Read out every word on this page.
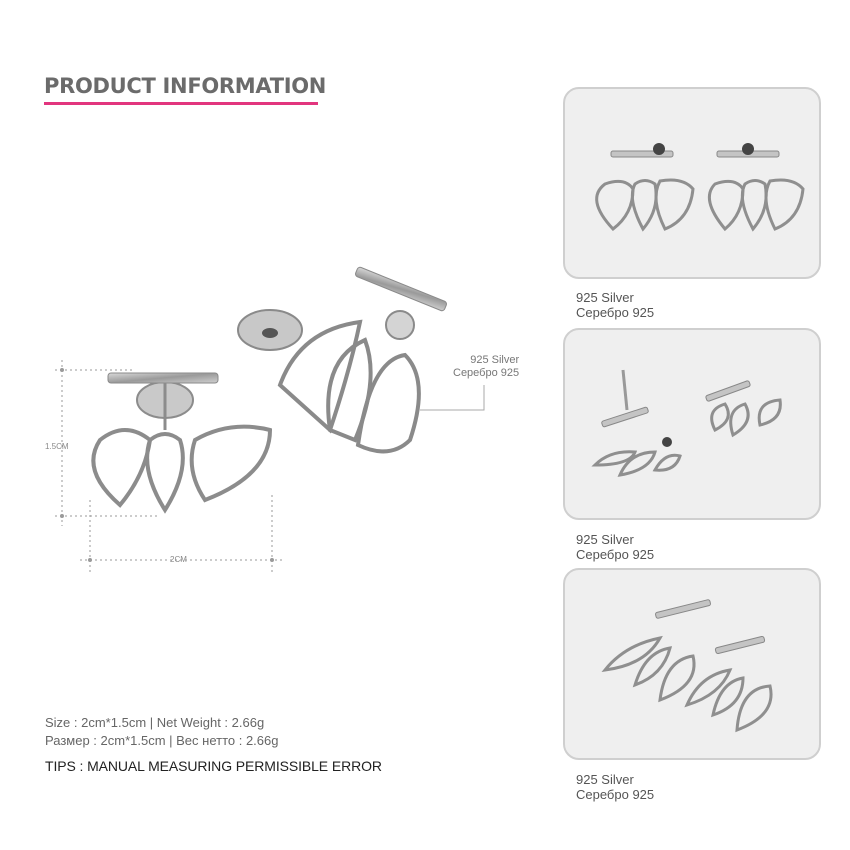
PRODUCT INFORMATION
1.5CM
2CM
925 Silver
Серебро 925
Size : 2cm*1.5cm | Net Weight : 2.66g
Размер : 2cm*1.5cm | Вес нетто : 2.66g
TIPS : MANUAL MEASURING PERMISSIBLE ERROR
925 Silver
Серебро 925
925 Silver
Серебро 925
925 Silver
Серебро 925
